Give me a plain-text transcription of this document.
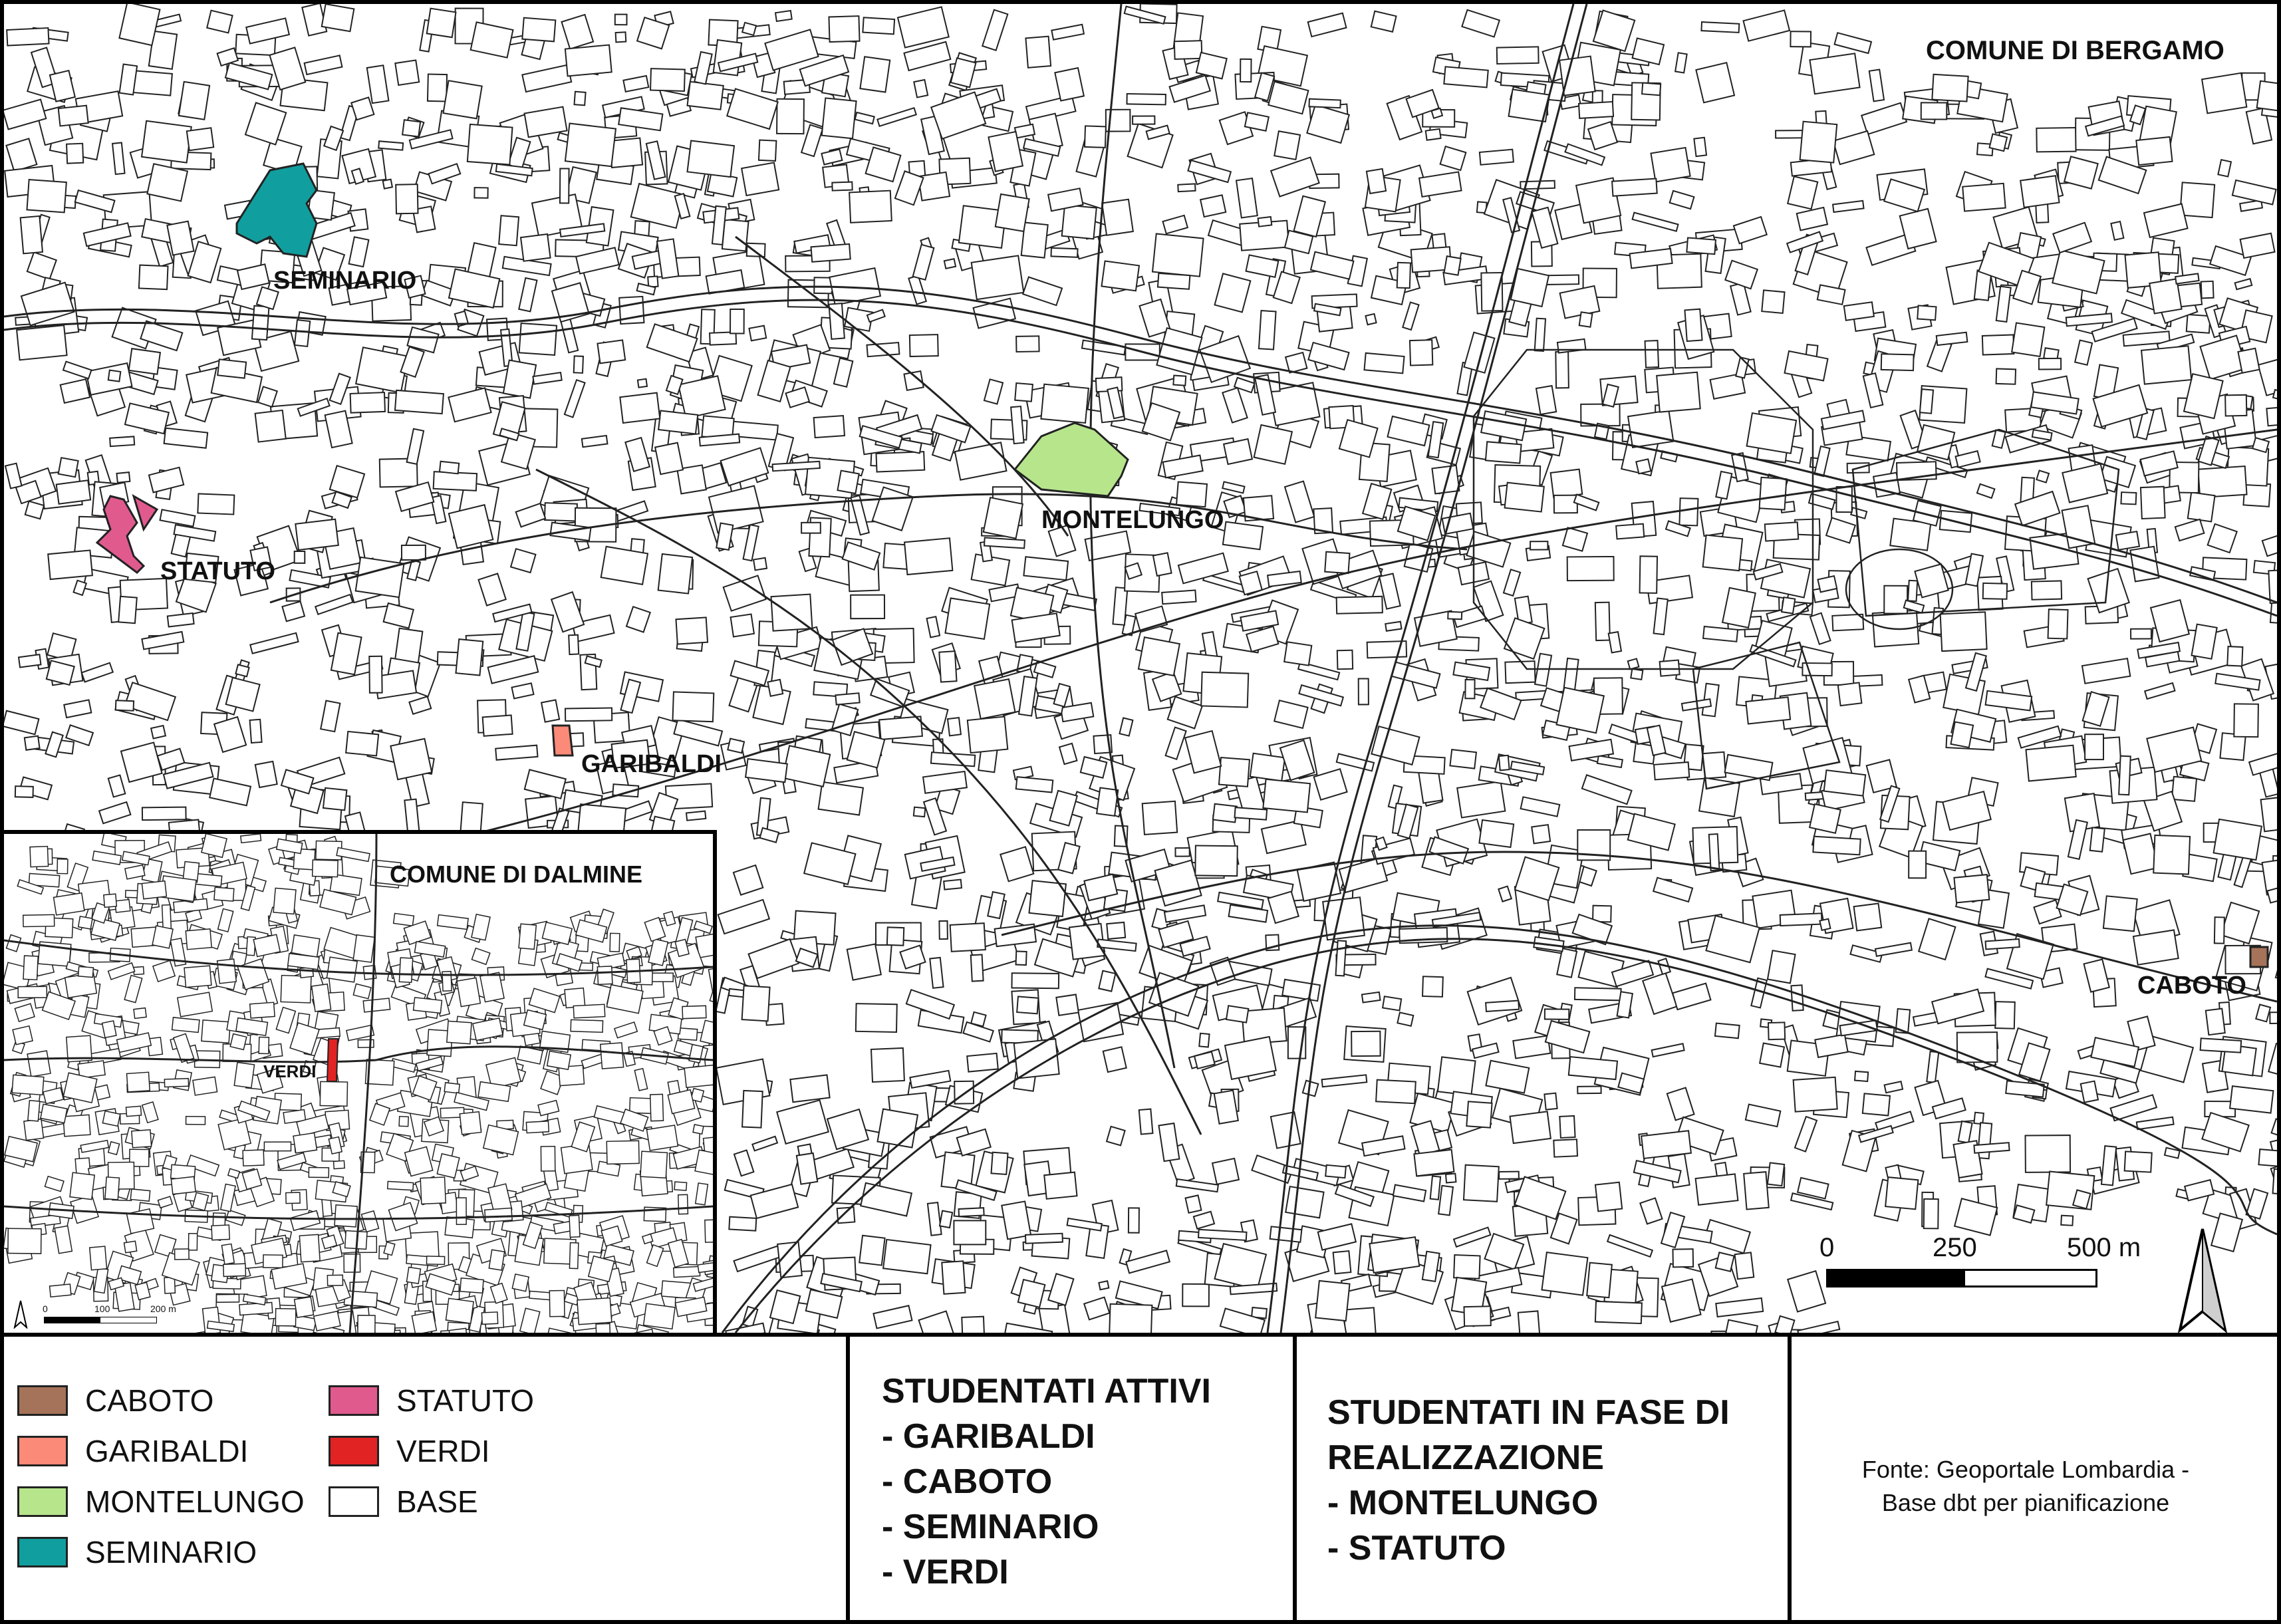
COMUNE DI BERGAMO
SEMINARIO
STATUTO
MONTELUNGO
GARIBALDI
CABOTO
0	250	500 m
COMUNE DI DALMINE
VERDI
0	100	200 m
CABOTO
GARIBALDI
MONTELUNGO
SEMINARIO
STATUTO
VERDI
BASE
STUDENTATI ATTIVI
- GARIBALDI
- CABOTO
- SEMINARIO
- VERDI
STUDENTATI IN FASE DI
REALIZZAZIONE
- MONTELUNGO
- STATUTO
Fonte: Geoportale Lombardia -
Base dbt per pianificazione
